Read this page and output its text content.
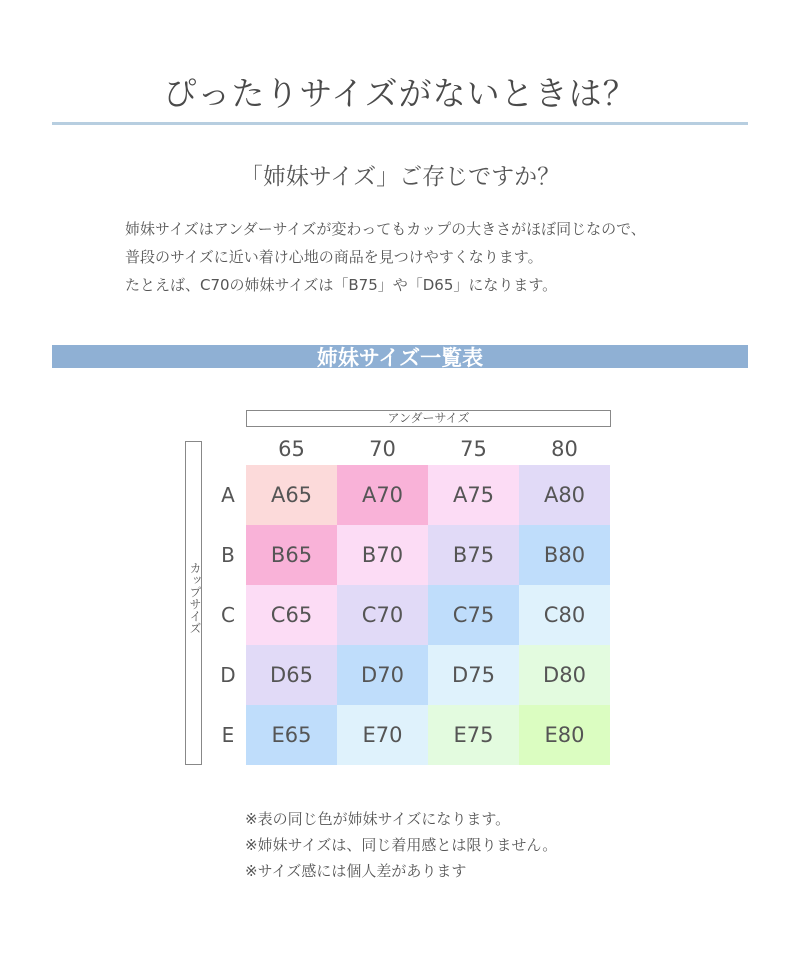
ぴったりサイズがないときは？
「姉妹サイズ」ご存じですか？
姉妹サイズはアンダーサイズが変わってもカップの大きさがほぼ同じなので、
普段のサイズに近い着け心地の商品を見つけやすくなります。
たとえば、C70の姉妹サイズは「B75」や「D65」になります。
姉妹サイズ一覧表
アンダーサイズ
カップサイズ
65	70	75	80
A	A65	A70	A75	A80
B	B65	B70	B75	B80
C	C65	C70	C75	C80
D	D65	D70	D75	D80
E	E65	E70	E75	E80
※表の同じ色が姉妹サイズになります。
※姉妹サイズは、同じ着用感とは限りません。
※サイズ感には個人差があります
